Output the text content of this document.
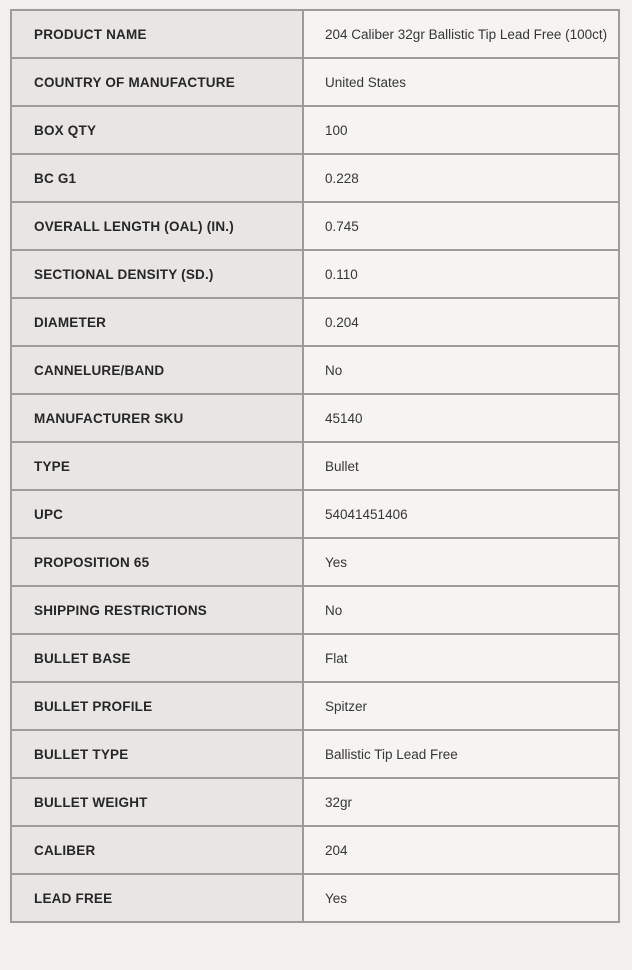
PRODUCT NAME	204 Caliber 32gr Ballistic Tip Lead Free (100ct)
COUNTRY OF MANUFACTURE	United States
BOX QTY	100
BC G1	0.228
OVERALL LENGTH (OAL) (IN.)	0.745
SECTIONAL DENSITY (SD.)	0.110
DIAMETER	0.204
CANNELURE/BAND	No
MANUFACTURER SKU	45140
TYPE	Bullet
UPC	54041451406
PROPOSITION 65	Yes
SHIPPING RESTRICTIONS	No
BULLET BASE	Flat
BULLET PROFILE	Spitzer
BULLET TYPE	Ballistic Tip Lead Free
BULLET WEIGHT	32gr
CALIBER	204
LEAD FREE	Yes
